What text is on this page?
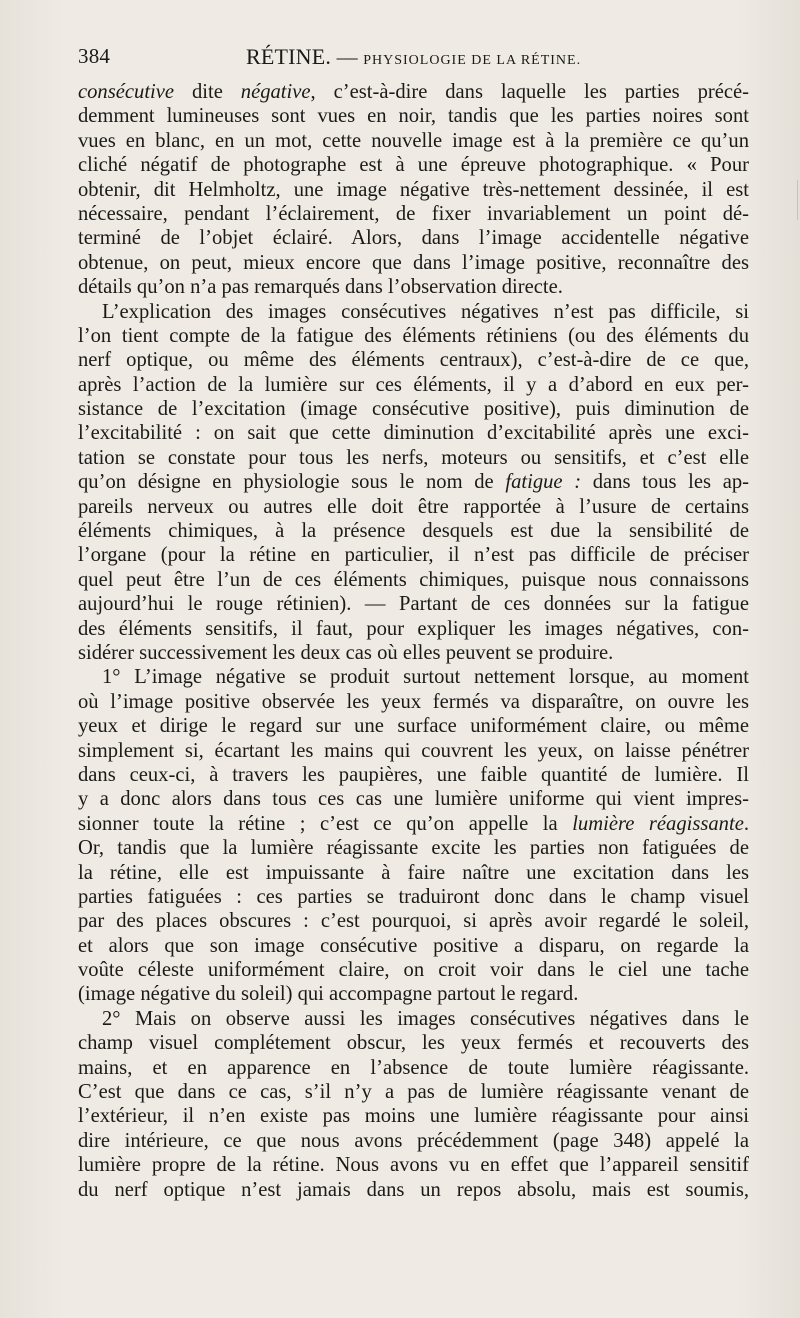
384	RÉTINE. — PHYSIOLOGIE DE LA RÉTINE.
consécutive dite négative, c’est-à-dire dans laquelle les parties précé-
demment lumineuses sont vues en noir, tandis que les parties noires sont
vues en blanc, en un mot, cette nouvelle image est à la première ce qu’un
cliché négatif de photographe est à une épreuve photographique. « Pour
obtenir, dit Helmholtz, une image négative très-nettement dessinée, il est
nécessaire, pendant l’éclairement, de fixer invariablement un point dé-
terminé de l’objet éclairé. Alors, dans l’image accidentelle négative
obtenue, on peut, mieux encore que dans l’image positive, reconnaître des
détails qu’on n’a pas remarqués dans l’observation directe.
L’explication des images consécutives négatives n’est pas difficile, si
l’on tient compte de la fatigue des éléments rétiniens (ou des éléments du
nerf optique, ou même des éléments centraux), c’est-à-dire de ce que,
après l’action de la lumière sur ces éléments, il y a d’abord en eux per-
sistance de l’excitation (image consécutive positive), puis diminution de
l’excitabilité : on sait que cette diminution d’excitabilité après une exci-
tation se constate pour tous les nerfs, moteurs ou sensitifs, et c’est elle
qu’on désigne en physiologie sous le nom de fatigue : dans tous les ap-
pareils nerveux ou autres elle doit être rapportée à l’usure de certains
éléments chimiques, à la présence desquels est due la sensibilité de
l’organe (pour la rétine en particulier, il n’est pas difficile de préciser
quel peut être l’un de ces éléments chimiques, puisque nous connaissons
aujourd’hui le rouge rétinien). — Partant de ces données sur la fatigue
des éléments sensitifs, il faut, pour expliquer les images négatives, con-
sidérer successivement les deux cas où elles peuvent se produire.
1° L’image négative se produit surtout nettement lorsque, au moment
où l’image positive observée les yeux fermés va disparaître, on ouvre les
yeux et dirige le regard sur une surface uniformément claire, ou même
simplement si, écartant les mains qui couvrent les yeux, on laisse pénétrer
dans ceux-ci, à travers les paupières, une faible quantité de lumière. Il
y a donc alors dans tous ces cas une lumière uniforme qui vient impres-
sionner toute la rétine ; c’est ce qu’on appelle la lumière réagissante.
Or, tandis que la lumière réagissante excite les parties non fatiguées de
la rétine, elle est impuissante à faire naître une excitation dans les
parties fatiguées : ces parties se traduiront donc dans le champ visuel
par des places obscures : c’est pourquoi, si après avoir regardé le soleil,
et alors que son image consécutive positive a disparu, on regarde la
voûte céleste uniformément claire, on croit voir dans le ciel une tache
(image négative du soleil) qui accompagne partout le regard.
2° Mais on observe aussi les images consécutives négatives dans le
champ visuel complétement obscur, les yeux fermés et recouverts des
mains, et en apparence en l’absence de toute lumière réagissante.
C’est que dans ce cas, s’il n’y a pas de lumière réagissante venant de
l’extérieur, il n’en existe pas moins une lumière réagissante pour ainsi
dire intérieure, ce que nous avons précédemment (page 348) appelé la
lumière propre de la rétine. Nous avons vu en effet que l’appareil sensitif
du nerf optique n’est jamais dans un repos absolu, mais est soumis,
